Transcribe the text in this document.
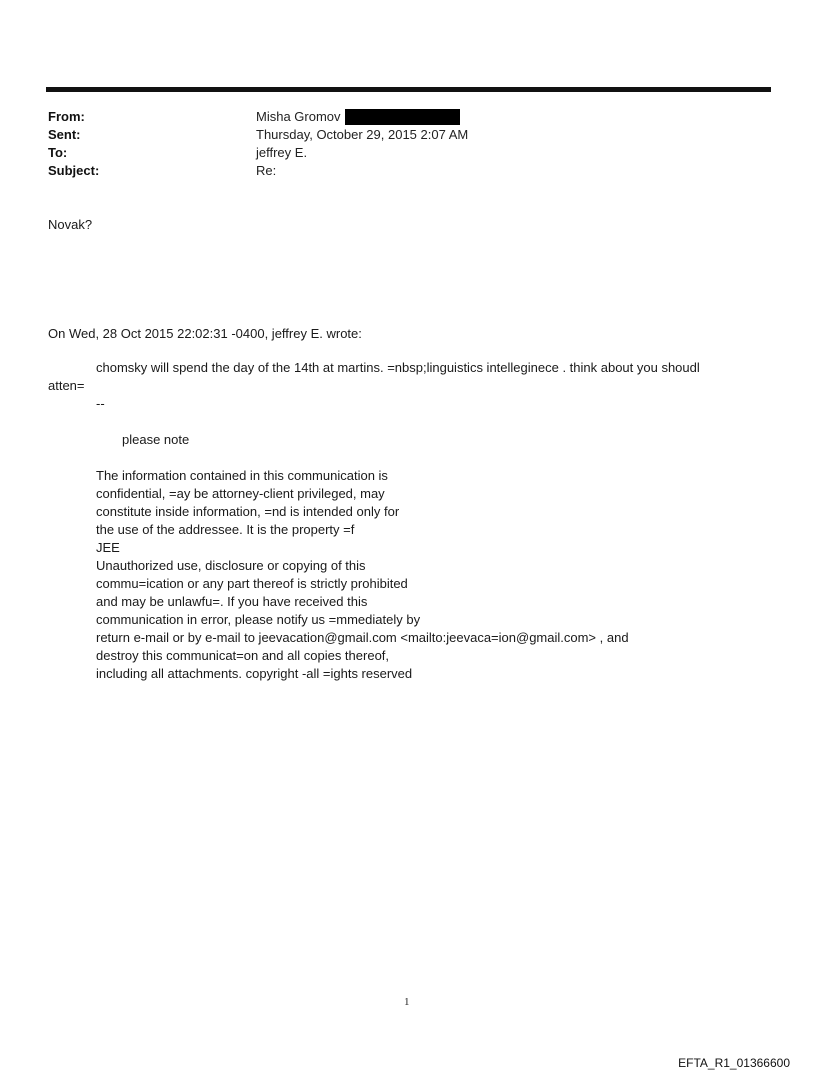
From:	Misha Gromov
Sent:	Thursday, October 29, 2015 2:07 AM
To:	jeffrey E.
Subject:	Re:
Novak?
On Wed, 28 Oct 2015 22:02:31 -0400, jeffrey E. wrote:
chomsky will spend the day of the 14th at martins. =nbsp;linguistics intelleginece . think about you shoudl
atten=
--
please note
The information contained in this communication is
confidential, =ay be attorney-client privileged, may
constitute inside information, =nd is intended only for
the use of the addressee. It is the property =f
JEE
Unauthorized use, disclosure or copying of this
commu=ication or any part thereof is strictly prohibited
and may be unlawfu=. If you have received this
communication in error, please notify us =mmediately by
return e-mail or by e-mail to jeevacation@gmail.com <mailto:jeevaca=ion@gmail.com> , and
destroy this communicat=on and all copies thereof,
including all attachments. copyright -all =ights reserved
1
EFTA_R1_01366600
